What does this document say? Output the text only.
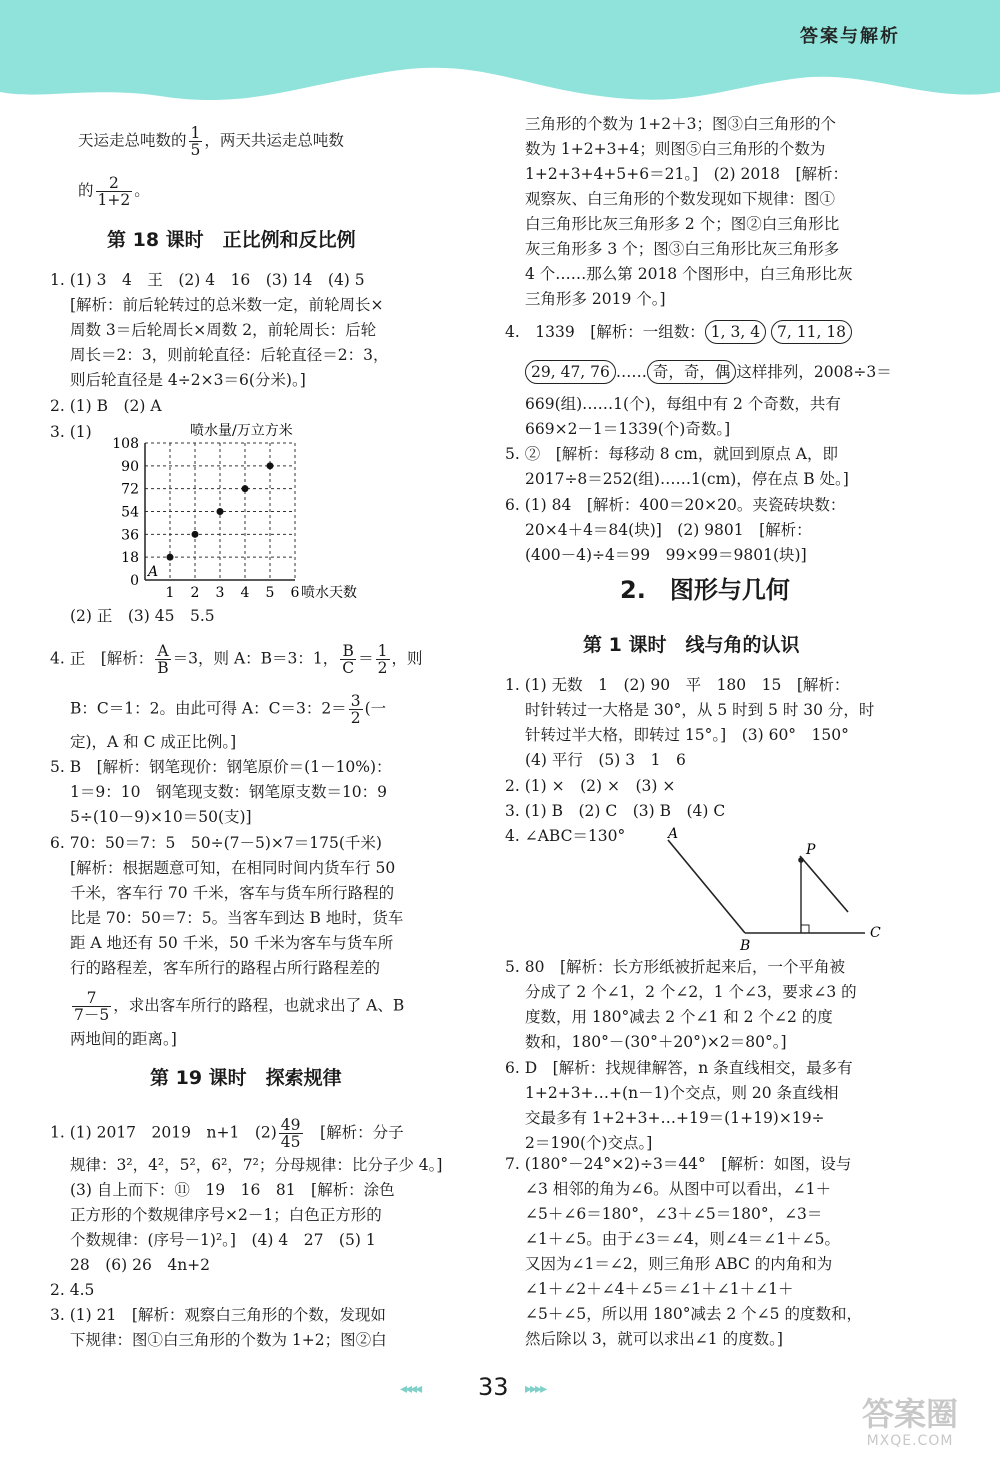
答案与解析
天运走总吨数的 $\frac{1}{5}$ ，两天共运走总吨数
的 $\frac{2}{1+2}$ 。
第 18 课时　正比例和反比例
1. (1) 3　4　王　(2) 4　16　(3) 14　(4) 5
[解析：前后轮转过的总米数一定，前轮周长×
周数 3＝后轮周长×周数 2，前轮周长：后轮
周长＝2：3，则前轮直径：后轮直径＝2：3，
则后轮直径是 4÷2×3＝6(分米)。]
2. (1) B　(2) A
3. (1)
1 2 3 4 5 6
0
18
36
54
72
90
108
喷水量/万立方米
喷水天数
A
(2) 正　(3) 45　5.5
4. 正　[解析： $\frac{A}{B} =3$，则 A：B＝3：1， $\frac{B}{C} = \frac{1}{2}$ ，则
B：C＝1：2。由此可得 A：C＝3：$2= \frac{3}{2}$ (一
定)，A 和 C 成正比例。]
5. B　[解析：钢笔现价：钢笔原价＝(1－10%)：
1＝9：10　钢笔现支数：钢笔原支数＝10：9
5÷(10－9)×10＝50(支)]
6. 70：50＝7：5　50÷(7－5)×7＝175(千米)
[解析：根据题意可知，在相同时间内货车行 50
千米，客车行 70 千米，客车与货车所行路程的
比是 70：50＝7：5。当客车到达 B 地时，货车
距 A 地还有 50 千米，50 千米为客车与货车所
行的路程差，客车所行的路程占所行路程差的
$\frac{7}{7-5}$ ，求出客车所行的路程，也就求出了 A、B
两地间的距离。]
第 19 课时　探索规律
1. (1) 2017　2019　n+1　$(2) \frac{49}{45}$ 　[解析：分子
规律：3²，4²，5²，6²，7²；分母规律：比分子少 4。]
(3) 自上而下：⑪　19　16　81　[解析：涂色
正方形的个数规律序号×2－1；白色正方形的
个数规律：(序号－1)²。]　(4) 4　27　(5) 1
28　(6) 26　4n+2
2. 4.5
3. (1) 21　[解析：观察白三角形的个数，发现如
下规律：图①白三角形的个数为 1+2；图②白
三角形的个数为 1+2＋3；图③白三角形的个
数为 1+2+3+4；则图⑤白三角形的个数为
1+2+3+4+5+6＝21。]　(2) 2018　[解析：
观察灰、白三角形的个数发现如下规律：图①
白三角形比灰三角形多 2 个；图②白三角形比
灰三角形多 3 个；图③白三角形比灰三角形多
4 个……那么第 2018 个图形中，白三角形比灰
三角形多 2019 个。]
4.　1339　[解析：一组数： 1, 3, 4 7, 11, 18
29, 47, 76 …… 奇，奇，偶 这样排列，2008÷3＝
669(组)……1(个)，每组中有 2 个奇数，共有
669×2－1＝1339(个)奇数。]
5. ②　[解析：每移动 8 cm，就回到原点 A，即
2017÷8＝252(组)……1(cm)，停在点 B 处。]
6. (1) 84　[解析：400＝20×20。夹瓷砖块数：
20×4＋4＝84(块)]　(2) 9801　[解析：
(400－4)÷4＝99　99×99＝9801(块)]
2.　图形与几何
第 1 课时　线与角的认识
1. (1) 无数　1　(2) 90　平　180　15　[解析：
时针转过一大格是 30°，从 5 时到 5 时 30 分，时
针转过半大格，即转过 15°。]　(3) 60°　150°
(4) 平行　(5) 3　1　6
2. (1) ×　(2) ×　(3) ×
3. (1) B　(2) C　(3) B　(4) C
4. ∠ABC＝130°	A
B
C
P
5. 80　[解析：长方形纸被折起来后，一个平角被
分成了 2 个∠1，2 个∠2，1 个∠3，要求∠3 的
度数，用 180°减去 2 个∠1 和 2 个∠2 的度
数和，180°－(30°＋20°)×2＝80°。]
6. D　[解析：找规律解答，n 条直线相交，最多有
1+2+3+…+(n－1)个交点，则 20 条直线相
交最多有 1+2+3+…+19＝(1+19)×19÷
2＝190(个)交点。]
7. (180°－24°×2)÷3＝44°　[解析：如图，设与
∠3 相邻的角为∠6。从图中可以看出，∠1＋
∠5＋∠6＝180°，∠3＋∠5＝180°，∠3＝
∠1＋∠5。由于∠3＝∠4，则∠4＝∠1＋∠5。
又因为∠1＝∠2，则三角形 ABC 的内角和为
∠1＋∠2＋∠4＋∠5＝∠1＋∠1＋∠1＋
∠5＋∠5，所以用 180°减去 2 个∠5 的度数和，
然后除以 3，就可以求出∠1 的度数。]
◂◂◂◂ 33 ▸▸▸▸
答案圈
MXQE.COM
